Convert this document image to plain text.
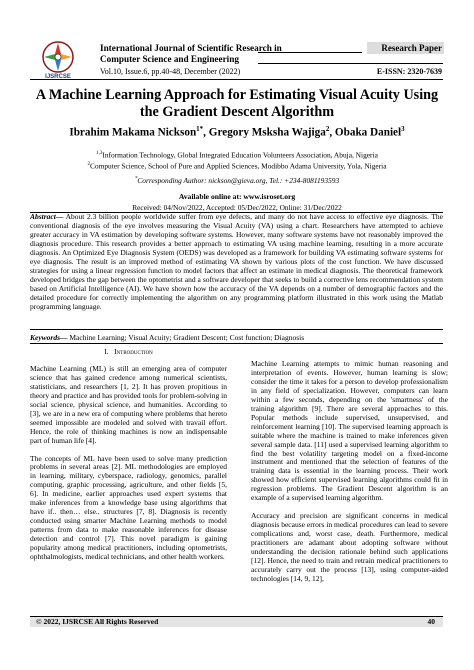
IJSRCSE
International Journal of Scientific Research in
Computer Science and Engineering
Vol.10, Issue.6, pp.40-48, December (2022)
Research Paper
E-ISSN: 2320-7639
A Machine Learning Approach for Estimating Visual Acuity Using the Gradient Descent Algorithm
Ibrahim Makama Nickson$^{1*}$, Gregory Msksha Wajiga$^2$, Obaka Daniel$^3$
$^{1,3}$Information Technology, Global Integrated Education Volunteers Association, Abuja, Nigeria
$^2$Computer Science, School of Pure and Applied Sciences, Modibbo Adama University, Yola, Nigeria
*Corresponding Author: nickson@gieva.org, Tel.: +234-8081193593
Available online at: www.isroset.org
Received: 04/Nov/2022, Accepted: 05/Dec/2022, Online: 31/Dec/2022
Abstract— About 2.3 billion people worldwide suffer from eye defects, and many do not have access to effective eye diagnosis. The conventional diagnosis of the eye involves measuring the Visual Acuity (VA) using a chart. Researchers have attempted to achieve greater accuracy in VA estimation by developing software systems. However, many software systems have not reasonably improved the diagnosis procedure. This research provides a better approach to estimating VA using machine learning, resulting in a more accurate diagnosis. An Optimized Eye Diagnosis System (OEDS) was developed as a framework for building VA estimating software systems for eye diagnosis. The result is an improved method of estimating VA shown by various plots of the cost function. We have discussed strategies for using a linear regression function to model factors that affect an estimate in medical diagnosis. The theoretical framework developed bridges the gap between the optometrist and a software developer that seeks to build a corrective lens recommendation system based on Artificial Intelligence (AI). We have shown how the accuracy of the VA depends on a number of demographic factors and the detailed procedure for correctly implementing the algorithm on any programming platform illustrated in this work using the Matlab programming language.
Keywords— Machine Learning; Visual Acuity; Gradient Descent; Cost function; Diagnosis
I. Introduction

Machine Learning (ML) is still an emerging area of computer science that has gained credence among numerical scientists, statisticians, and researchers [1, 2]. It has proven propitious in theory and practice and has provided tools for problem-solving in social science, physical science, and humanities. According to [3], we are in a new era of computing where problems that hereto seemed impossible are modeled and solved with travail effort. Hence, the role of thinking machines is now an indispensable part of human life [4].

The concepts of ML have been used to solve many prediction problems in several areas [2]. ML methodologies are employed in learning, military, cyberspace, radiology, genomics, parallel computing, graphic processing, agriculture, and other fields [5, 6]. In medicine, earlier approaches used expert systems that make inferences from a knowledge base using algorithms that have if.. then… else.. structures [7, 8]. Diagnosis is recently conducted using smarter Machine Learning methods to model patterns from data to make reasonable inferences for disease detection and control [7]. This novel paradigm is gaining popularity among medical practitioners, including optometrists, ophthalmologists, medical technicians, and other health workers.

Machine Learning attempts to mimic human reasoning and interpretation of events. However, human learning is slow; consider the time it takes for a person to develop professionalism in any field of specialization. However, computers can learn within a few seconds, depending on the 'smartness' of the training algorithm [9]. There are several approaches to this. Popular methods include supervised, unsupervised, and reinforcement learning [10]. The supervised learning approach is suitable where the machine is trained to make inferences given several sample data. [11] used a supervised learning algorithm to find the best volatility targeting model on a fixed-income instrument and mentioned that the selection of features of the training data is essential in the learning process. Their work showed how efficient supervised learning algorithms could fit in regression problems. The Gradient Descent algorithm is an example of a supervised learning algorithm.

Accuracy and precision are significant concerns in medical diagnosis because errors in medical procedures can lead to severe complications and, worst case, death. Furthermore, medical practitioners are adamant about adopting software without understanding the decision rationale behind such applications [12]. Hence, the need to train and retrain medical practitioners to accurately carry out the process [13], using computer-aided technologies [14, 9, 12],

© 2022, IJSRCSE All Rights Reserved	40
